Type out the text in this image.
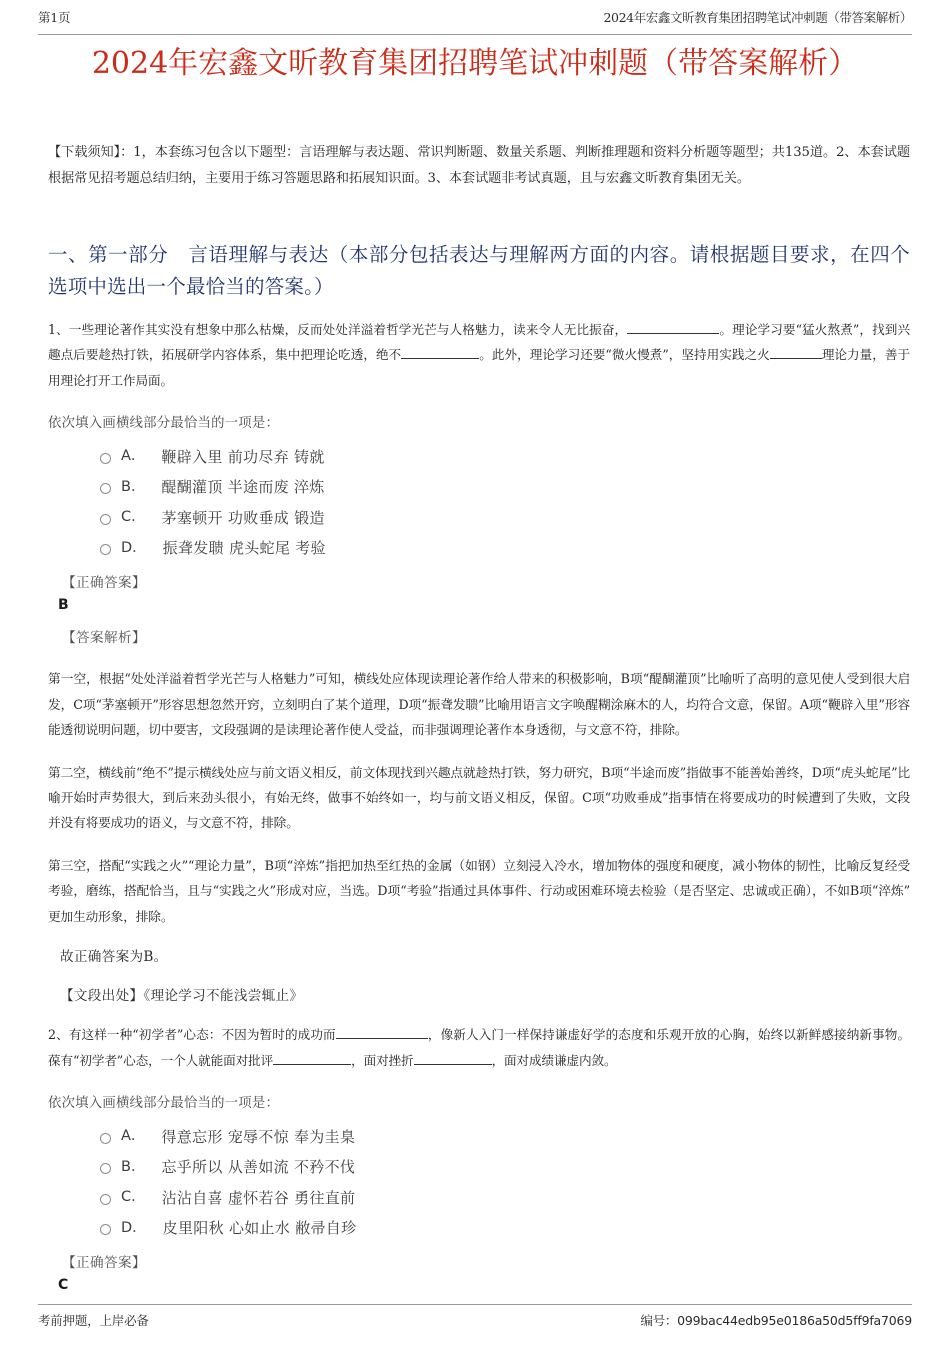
第1页	2024年宏鑫文昕教育集团招聘笔试冲刺题（带答案解析）
2024年宏鑫文昕教育集团招聘笔试冲刺题（带答案解析）

【下载须知】：1，本套练习包含以下题型：言语理解与表达题、常识判断题、数量关系题、判断推理题和资料分析题等题型；共135道。2、本套试题根据常见招考题总结归纳，主要用于练习答题思路和拓展知识面。3、本套试题非考试真题，且与宏鑫文昕教育集团无关。

一、第一部分　言语理解与表达（本部分包括表达与理解两方面的内容。请根据题目要求，在四个选项中选出一个最恰当的答案。）

1、一些理论著作其实没有想象中那么枯燥，反而处处洋溢着哲学光芒与人格魅力，读来令人无比振奋，	。理论学习要“猛火熬煮”，找到兴趣点后要趁热打铁，拓展研学内容体系，集中把理论吃透，绝不	。此外，理论学习还要“微火慢煮”，坚持用实践之火	理论力量，善于用理论打开工作局面。

依次填入画横线部分最恰当的一项是：

A． 鞭辟入里 前功尽弃 铸就
B． 醍醐灌顶 半途而废 淬炼
C． 茅塞顿开 功败垂成 锻造
D． 振聋发聩 虎头蛇尾 考验
【正确答案】
B
【答案解析】

第一空，根据“处处洋溢着哲学光芒与人格魅力”可知，横线处应体现读理论著作给人带来的积极影响，B项“醍醐灌顶”比喻听了高明的意见使人受到很大启发，C项“茅塞顿开”形容思想忽然开窍，立刻明白了某个道理，D项“振聋发聩”比喻用语言文字唤醒糊涂麻木的人，均符合文意，保留。A项“鞭辟入里”形容能透彻说明问题，切中要害，文段强调的是读理论著作使人受益，而非强调理论著作本身透彻，与文意不符，排除。

第二空，横线前“绝不”提示横线处应与前文语义相反，前文体现找到兴趣点就趁热打铁，努力研究，B项“半途而废”指做事不能善始善终，D项“虎头蛇尾”比喻开始时声势很大，到后来劲头很小，有始无终，做事不始终如一，均与前文语义相反，保留。C项“功败垂成”指事情在将要成功的时候遭到了失败，文段并没有将要成功的语义，与文意不符，排除。

第三空，搭配“实践之火”“理论力量”，B项“淬炼”指把加热至红热的金属（如钢）立刻浸入冷水，增加物体的强度和硬度，减小物体的韧性，比喻反复经受考验，磨练，搭配恰当，且与“实践之火”形成对应，当选。D项“考验”指通过具体事件、行动或困难环境去检验（是否坚定、忠诚或正确），不如B项“淬炼”更加生动形象，排除。

故正确答案为B。
【文段出处】《理论学习不能浅尝辄止》

2、有这样一种“初学者”心态：不因为暂时的成功而	，像新人入门一样保持谦虚好学的态度和乐观开放的心胸，始终以新鲜感接纳新事物。葆有“初学者”心态，一个人就能面对批评	，面对挫折	，面对成绩谦虚内敛。

依次填入画横线部分最恰当的一项是：

A． 得意忘形 宠辱不惊 奉为圭臬
B． 忘乎所以 从善如流 不矜不伐
C． 沾沾自喜 虚怀若谷 勇往直前
D． 皮里阳秋 心如止水 敝帚自珍
【正确答案】
C
考前押题，上岸必备	编号：099bac44edb95e0186a50d5ff9fa7069
